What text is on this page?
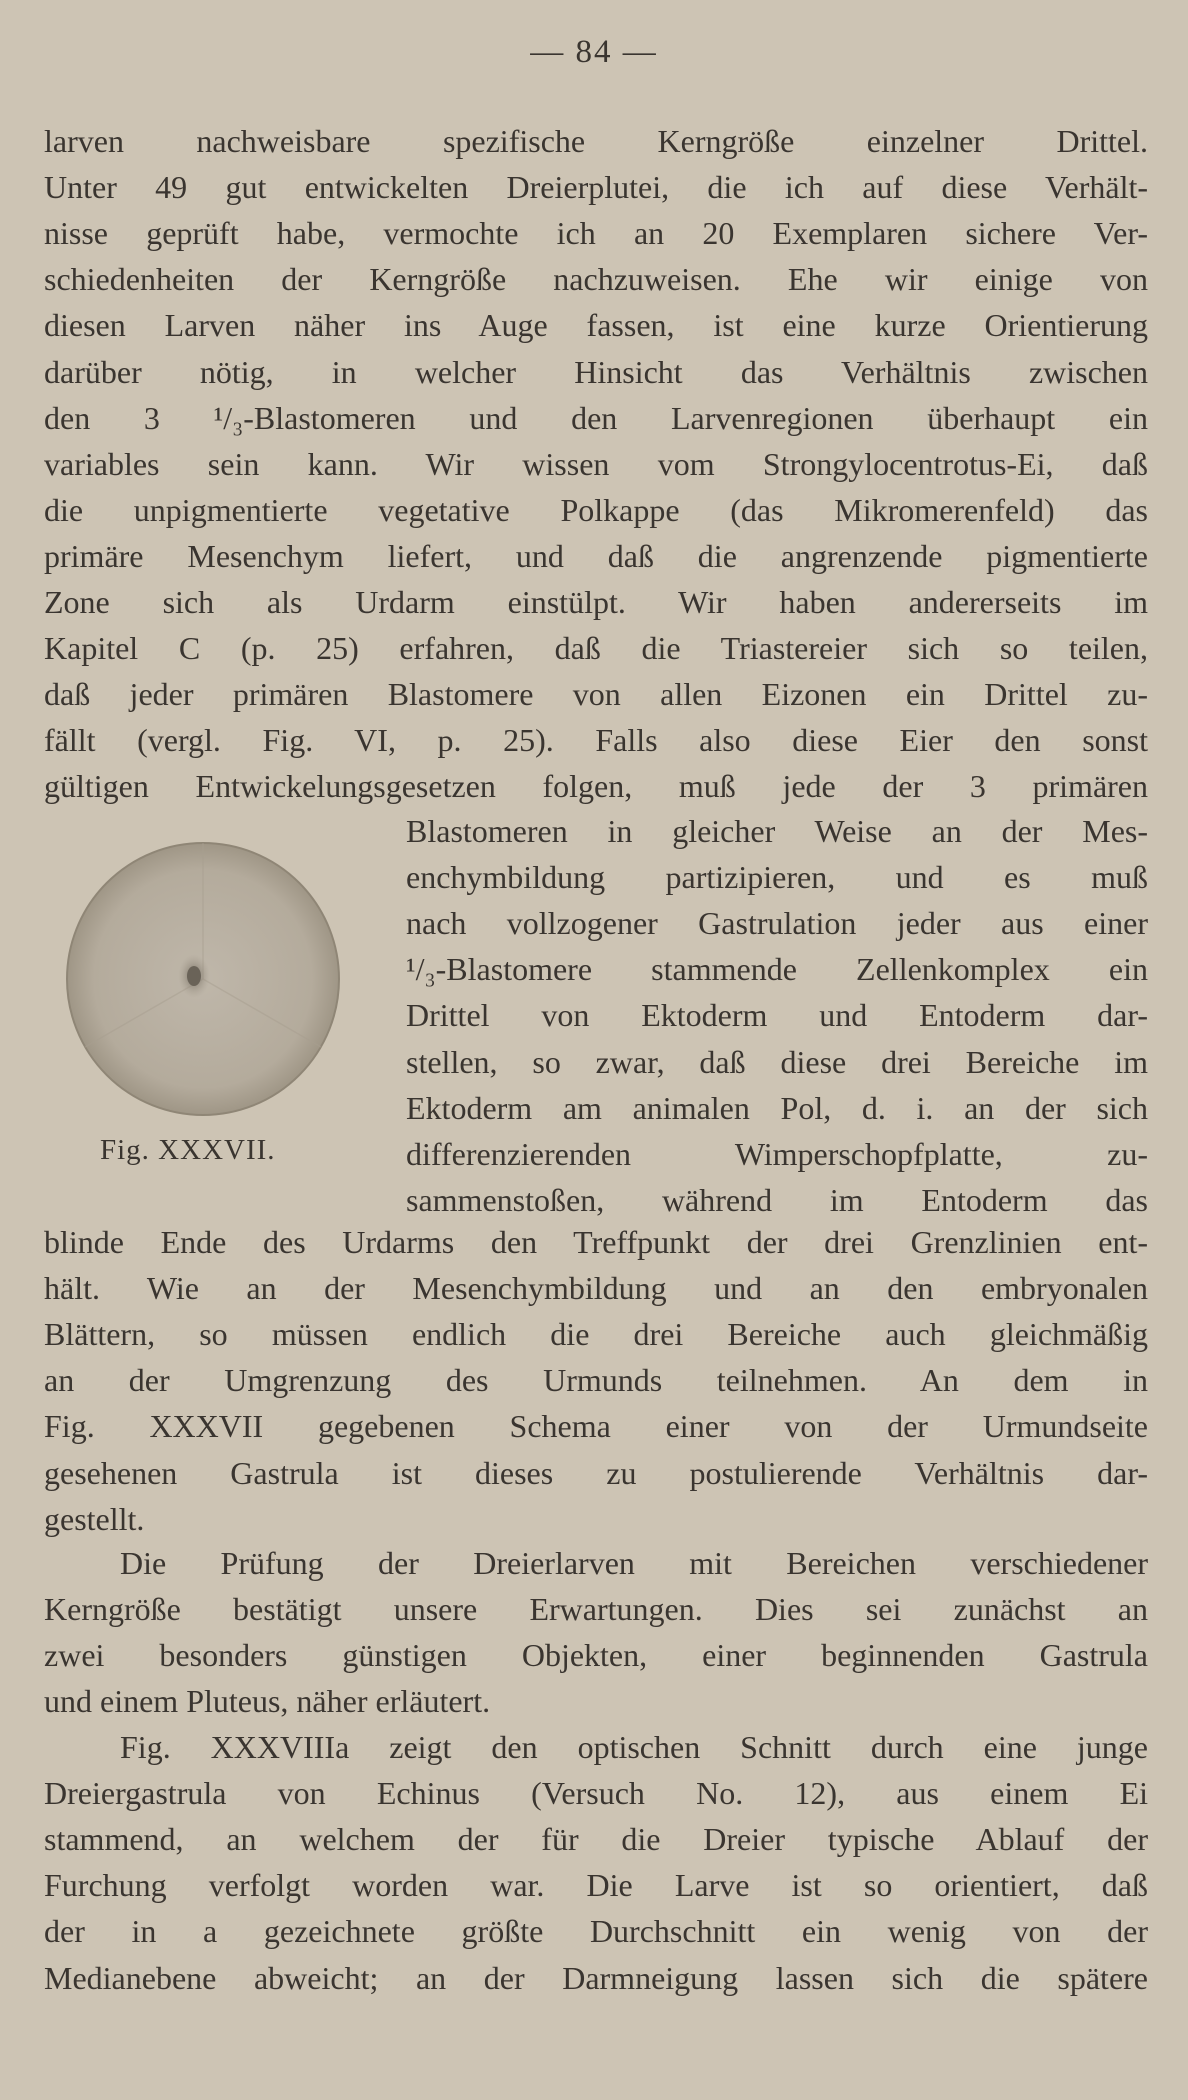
— 84 —
larven nachweisbare spezifische Kerngröße einzelner Drittel.
Unter 49 gut entwickelten Dreierplutei, die ich auf diese Verhält-
nisse geprüft habe, vermochte ich an 20 Exemplaren sichere Ver-
schiedenheiten der Kerngröße nachzuweisen. Ehe wir einige von
diesen Larven näher ins Auge fassen, ist eine kurze Orientierung
darüber nötig, in welcher Hinsicht das Verhältnis zwischen
den 3 ¹/₃-Blastomeren und den Larvenregionen überhaupt ein
variables sein kann. Wir wissen vom Strongylocentrotus-Ei, daß
die unpigmentierte vegetative Polkappe (das Mikromerenfeld) das
primäre Mesenchym liefert, und daß die angrenzende pigmentierte
Zone sich als Urdarm einstülpt. Wir haben andererseits im
Kapitel C (p. 25) erfahren, daß die Triastereier sich so teilen,
daß jeder primären Blastomere von allen Eizonen ein Drittel zu-
fällt (vergl. Fig. VI, p. 25). Falls also diese Eier den sonst
gültigen Entwickelungsgesetzen folgen, muß jede der 3 primären
Blastomeren in gleicher Weise an der Mes-
enchymbildung partizipieren, und es muß
nach vollzogener Gastrulation jeder aus einer
¹/₃-Blastomere stammende Zellenkomplex ein
Drittel von Ektoderm und Entoderm dar-
stellen, so zwar, daß diese drei Bereiche im
Ektoderm am animalen Pol, d. i. an der sich
differenzierenden Wimperschopfplatte, zu-
sammenstoßen, während im Entoderm das
blinde Ende des Urdarms den Treffpunkt der drei Grenzlinien ent-
hält. Wie an der Mesenchymbildung und an den embryonalen
Blättern, so müssen endlich die drei Bereiche auch gleichmäßig
an der Umgrenzung des Urmunds teilnehmen. An dem in
Fig. XXXVII gegebenen Schema einer von der Urmundseite
gesehenen Gastrula ist dieses zu postulierende Verhältnis dar-
gestellt.
Die Prüfung der Dreierlarven mit Bereichen verschiedener
Kerngröße bestätigt unsere Erwartungen. Dies sei zunächst an
zwei besonders günstigen Objekten, einer beginnenden Gastrula
und einem Pluteus, näher erläutert.
Fig. XXXVIIIa zeigt den optischen Schnitt durch eine junge
Dreiergastrula von Echinus (Versuch No. 12), aus einem Ei
stammend, an welchem der für die Dreier typische Ablauf der
Furchung verfolgt worden war. Die Larve ist so orientiert, daß
der in a gezeichnete größte Durchschnitt ein wenig von der
Medianebene abweicht; an der Darmneigung lassen sich die spätere
Fig. XXXVII.
